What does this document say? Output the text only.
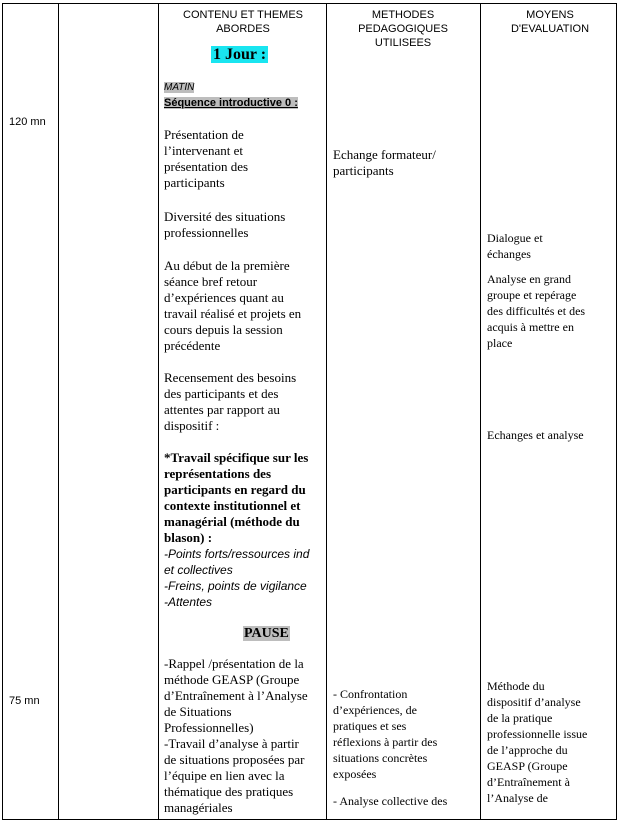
CONTENU ET THEMES ABORDES
METHODES PEDAGOGIQUES UTILISEES
MOYENS D'EVALUATION
120 mn
75 mn
1 Jour :
MATIN
Séquence introductive 0 :
Présentation de
l’intervenant et
présentation des
participants
Diversité des situations
professionnelles
Au début de la première
séance bref retour
d’expériences quant au
travail réalisé et projets en
cours depuis la session
précédente
Recensement des besoins
des participants et des
attentes par rapport au
dispositif :
*Travail spécifique sur les
représentations des
participants en regard du
contexte institutionnel et
managérial (méthode du
blason) :
-Points forts/ressources ind
et collectives
-Freins, points de vigilance
-Attentes
PAUSE
-Rappel /présentation de la
méthode GEASP (Groupe
d’Entraînement à l’Analyse
de Situations
Professionnelles)
-Travail d’analyse à partir
de situations proposées par
l’équipe en lien avec la
thématique des pratiques
managériales
Echange formateur/
participants
- Confrontation
d’expériences, de
pratiques et ses
réflexions à partir des
situations concrètes
exposées
- Analyse collective des
Dialogue et
échanges
Analyse en grand
groupe et repérage
des difficultés et des
acquis à mettre en
place
Echanges et analyse
Méthode du
dispositif d’analyse
de la pratique
professionnelle issue
de l’approche du
GEASP (Groupe
d’Entraînement à
l’Analyse de
